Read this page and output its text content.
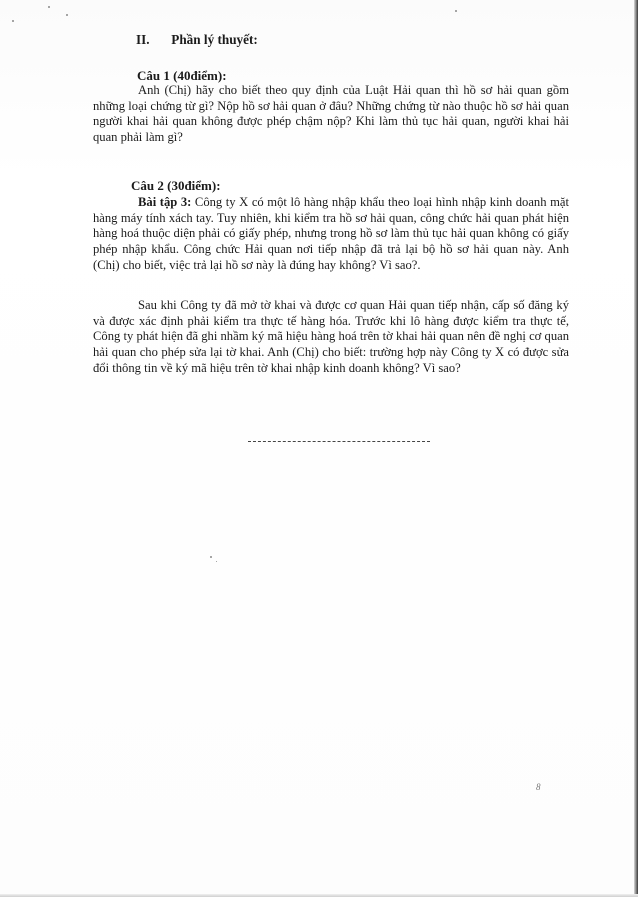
II. Phần lý thuyết:
Câu 1 (40điểm):

Anh (Chị) hãy cho biết theo quy định của Luật Hải quan thì hồ sơ hải quan gồm những loại chứng từ gì? Nộp hồ sơ hải quan ở đâu? Những chứng từ nào thuộc hồ sơ hải quan người khai hải quan không được phép chậm nộp? Khi làm thủ tục hải quan, người khai hải quan phải làm gì?

Câu 2 (30điểm):

Bài tập 3: Công ty X có một lô hàng nhập khẩu theo loại hình nhập kinh doanh mặt hàng máy tính xách tay. Tuy nhiên, khi kiểm tra hồ sơ hải quan, công chức hải quan phát hiện hàng hoá thuộc diện phải có giấy phép, nhưng trong hồ sơ làm thủ tục hải quan không có giấy phép nhập khẩu. Công chức Hải quan nơi tiếp nhập đã trả lại bộ hồ sơ hải quan này. Anh (Chị) cho biết, việc trả lại hồ sơ này là đúng hay không? Vì sao?.

Sau khi Công ty đã mở tờ khai và được cơ quan Hải quan tiếp nhận, cấp số đăng ký và được xác định phải kiểm tra thực tế hàng hóa. Trước khi lô hàng được kiểm tra thực tế, Công ty phát hiện đã ghi nhầm ký mã hiệu hàng hoá trên tờ khai hải quan nên đề nghị cơ quan hải quan cho phép sửa lại tờ khai. Anh (Chị) cho biết: trường hợp này Công ty X có được sửa đổi thông tin về ký mã hiệu trên tờ khai nhập kinh doanh không? Vì sao?

8
